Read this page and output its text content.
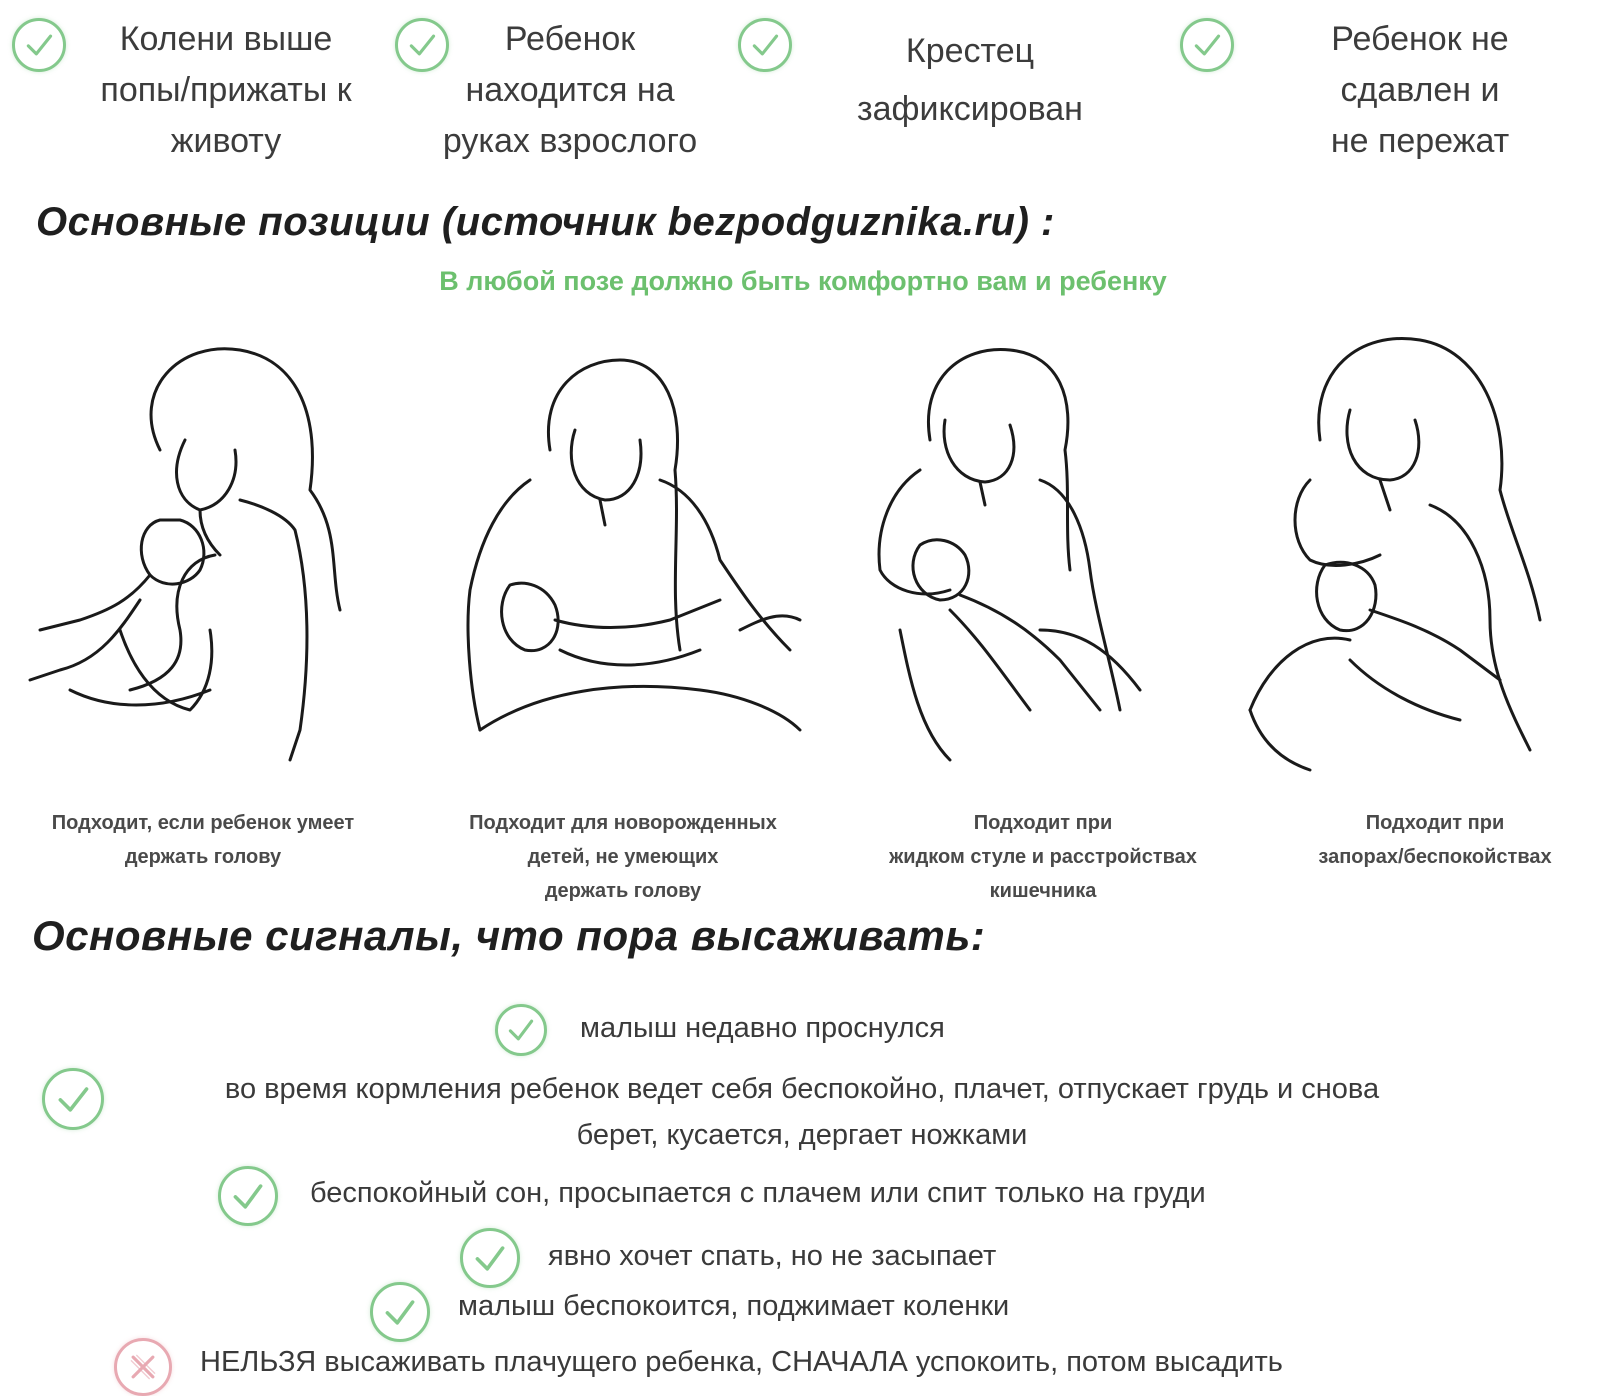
Колени выше
попы/прижаты к
животу
Ребенок
находится на
руках взрослого
Крестец
зафиксирован
Ребенок не
сдавлен и
не пережат
Основные позиции (источник bezpodguznika.ru) :
В любой позе должно быть комфортно вам и ребенку
Подходит, если ребенок умеет
держать голову
Подходит для новорожденных
детей, не умеющих
держать голову
Подходит при
жидком стуле и расстройствах
кишечника
Подходит при
запорах/беспокойствах
Основные сигналы, что пора высаживать:
малыш недавно проснулся
во время кормления ребенок ведет себя беспокойно, плачет, отпускает грудь и снова
берет, кусается, дергает ножками
беспокойный сон, просыпается с плачем или спит только на груди
явно хочет спать, но не засыпает
малыш беспокоится, поджимает коленки
НЕЛЬЗЯ высаживать плачущего ребенка, СНАЧАЛА успокоить, потом высадить
